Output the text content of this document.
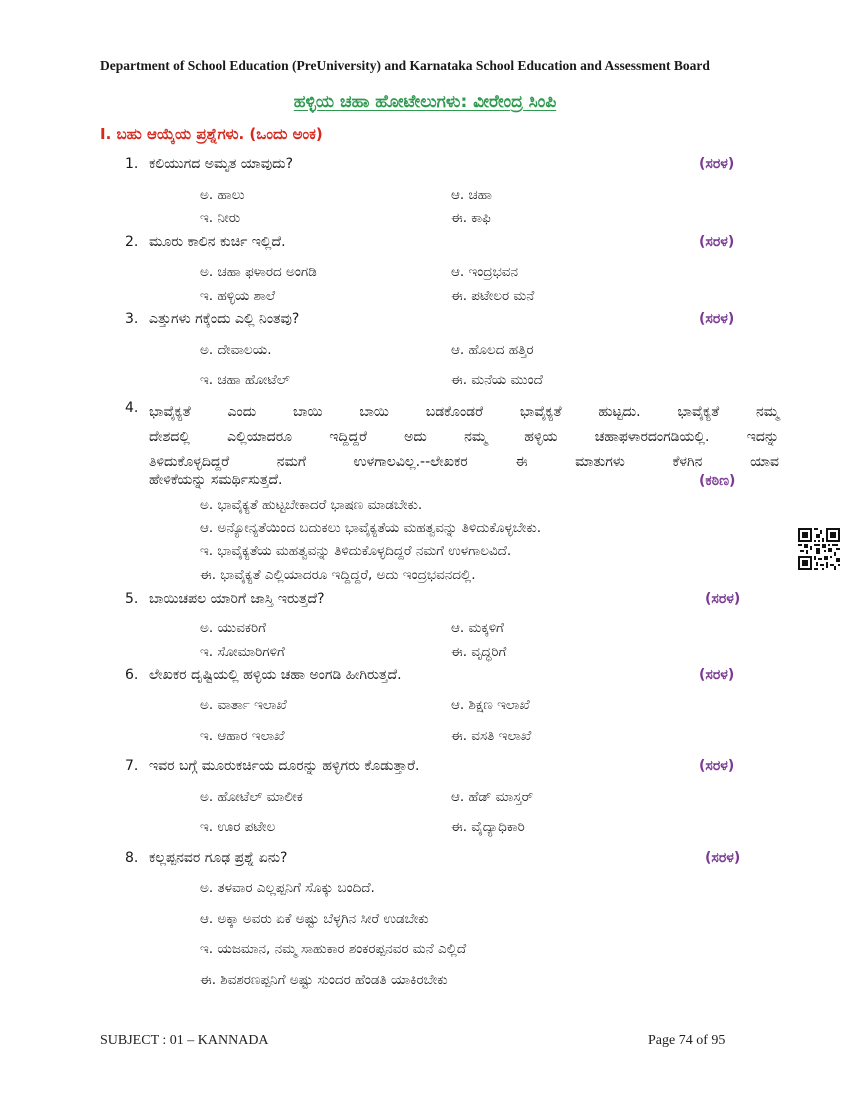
Department of School Education (PreUniversity) and Karnataka School Education and Assessment Board
ಹಳ್ಳಿಯ ಚಹಾ ಹೋಟೇಲುಗಳು: ವೀರೇಂದ್ರ ಸಿಂಪಿ
I. ಬಹು ಆಯ್ಕೆಯ ಪ್ರಶ್ನೆಗಳು. (ಒಂದು ಅಂಕ)
1. ಕಲಿಯುಗದ ಅಮೃತ ಯಾವುದು?	(ಸರಳ)
ಅ. ಹಾಲು	ಆ. ಚಹಾ
ಇ. ನೀರು	ಈ. ಕಾಫಿ
2. ಮೂರು ಕಾಲಿನ ಕುರ್ಚಿ ಇಲ್ಲಿದೆ.	(ಸರಳ)
ಅ. ಚಹಾ ಫಳಾರದ ಅಂಗಡಿ	ಆ. ಇಂದ್ರಭವನ
ಇ. ಹಳ್ಳಿಯ ಶಾಲೆ	ಈ. ಪಟೇಲರ ಮನೆ
3. ಎತ್ತುಗಳು ಗಕ್ಕೆಂದು ಎಲ್ಲಿ ನಿಂತವು?	(ಸರಳ)
ಅ. ದೇವಾಲಯ.	ಆ. ಹೊಲದ ಹತ್ತಿರ
ಇ. ಚಹಾ ಹೋಟೆಲ್	ಈ. ಮನೆಯ ಮುಂದೆ
4. ಭಾವೈಕ್ಯತೆ ಎಂದು ಬಾಯಿ ಬಾಯಿ ಬಡಕೊಂಡರೆ ಭಾವೈಕ್ಯತೆ ಹುಟ್ಟದು. ಭಾವೈಕ್ಯತೆ ನಮ್ಮ
ದೇಶದಲ್ಲಿ ಎಲ್ಲಿಯಾದರೂ ಇದ್ದಿದ್ದರೆ ಅದು ನಮ್ಮ ಹಳ್ಳಿಯ ಚಹಾಫಳಾರದಂಗಡಿಯಲ್ಲಿ. ಇದನ್ನು
ತಿಳಿದುಕೊಳ್ಳದಿದ್ದರೆ ನಮಗೆ ಉಳಗಾಲವಿಲ್ಲ.--ಲೇಖಕರ ಈ ಮಾತುಗಳು ಕೆಳಗಿನ ಯಾವ
ಹೇಳಿಕೆಯನ್ನು ಸಮರ್ಥಿಸುತ್ತದೆ.	(ಕಠಿಣ)
ಅ. ಭಾವೈಕ್ಯತೆ ಹುಟ್ಟಬೇಕಾದರೆ ಭಾಷಣ ಮಾಡಬೇಕು.
ಆ. ಅನ್ಯೋನ್ಯತೆಯಿಂದ ಬದುಕಲು ಭಾವೈಕ್ಯತೆಯ ಮಹತ್ವವನ್ನು ತಿಳಿದುಕೊಳ್ಳಬೇಕು.
ಇ. ಭಾವೈಕ್ಯತೆಯ ಮಹತ್ವವನ್ನು ತಿಳಿದುಕೊಳ್ಳದಿದ್ದರೆ ನಮಗೆ ಉಳಗಾಲವಿದೆ.
ಈ. ಭಾವೈಕ್ಯತೆ ಎಲ್ಲಿಯಾದರೂ ಇದ್ದಿದ್ದರೆ, ಅದು ಇಂದ್ರಭವನದಲ್ಲಿ.
5. ಬಾಯಿಚಪಲ ಯಾರಿಗೆ ಜಾಸ್ತಿ ಇರುತ್ತದೆ?	(ಸರಳ)
ಅ. ಯುವಕರಿಗೆ	ಆ. ಮಕ್ಕಳಿಗೆ
ಇ. ಸೋಮಾರಿಗಳಿಗೆ	ಈ. ವೃದ್ಧರಿಗೆ
6. ಲೇಖಕರ ದೃಷ್ಟಿಯಲ್ಲಿ ಹಳ್ಳಿಯ ಚಹಾ ಅಂಗಡಿ ಹೀಗಿರುತ್ತದೆ.	(ಸರಳ)
ಅ. ವಾರ್ತಾ ಇಲಾಖೆ	ಆ. ಶಿಕ್ಷಣ ಇಲಾಖೆ
ಇ. ಆಹಾರ ಇಲಾಖೆ	ಈ. ವಸತಿ ಇಲಾಖೆ
7. ಇವರ ಬಗ್ಗೆ ಮೂರುಕರ್ಚಿಯ ದೂರನ್ನು ಹಳ್ಳಿಗರು ಕೊಡುತ್ತಾರೆ.	(ಸರಳ)
ಅ. ಹೋಟೆಲ್ ಮಾಲೀಕ	ಆ. ಹೆಡ್ ಮಾಸ್ತರ್
ಇ. ಊರ ಪಟೇಲ	ಈ. ವೈದ್ಯಾಧಿಕಾರಿ
8. ಕಲ್ಲಪ್ಪನವರ ಗೂಢ ಪ್ರಶ್ನೆ ಏನು?	(ಸರಳ)
ಅ. ತಳವಾರ ಎಲ್ಲಪ್ಪನಿಗೆ ಸೊಕ್ಕು ಬಂದಿದೆ.
ಆ. ಅಕ್ಕಾ ಅವರು ಏಕೆ ಅಷ್ಟು ಬೆಳ್ಳಗಿನ ಸೀರೆ ಉಡಬೇಕು
ಇ. ಯಜಮಾನ, ನಮ್ಮ ಸಾಹುಕಾರ ಶಂಕರಪ್ಪನವರ ಮನೆ ಎಲ್ಲಿದೆ
ಈ. ಶಿವಶರಣಪ್ಪನಿಗೆ ಅಷ್ಟು ಸುಂದರ ಹೆಂಡತಿ ಯಾಕಿರಬೇಕು
SUBJECT : 01 – KANNADA	Page 74 of 95
